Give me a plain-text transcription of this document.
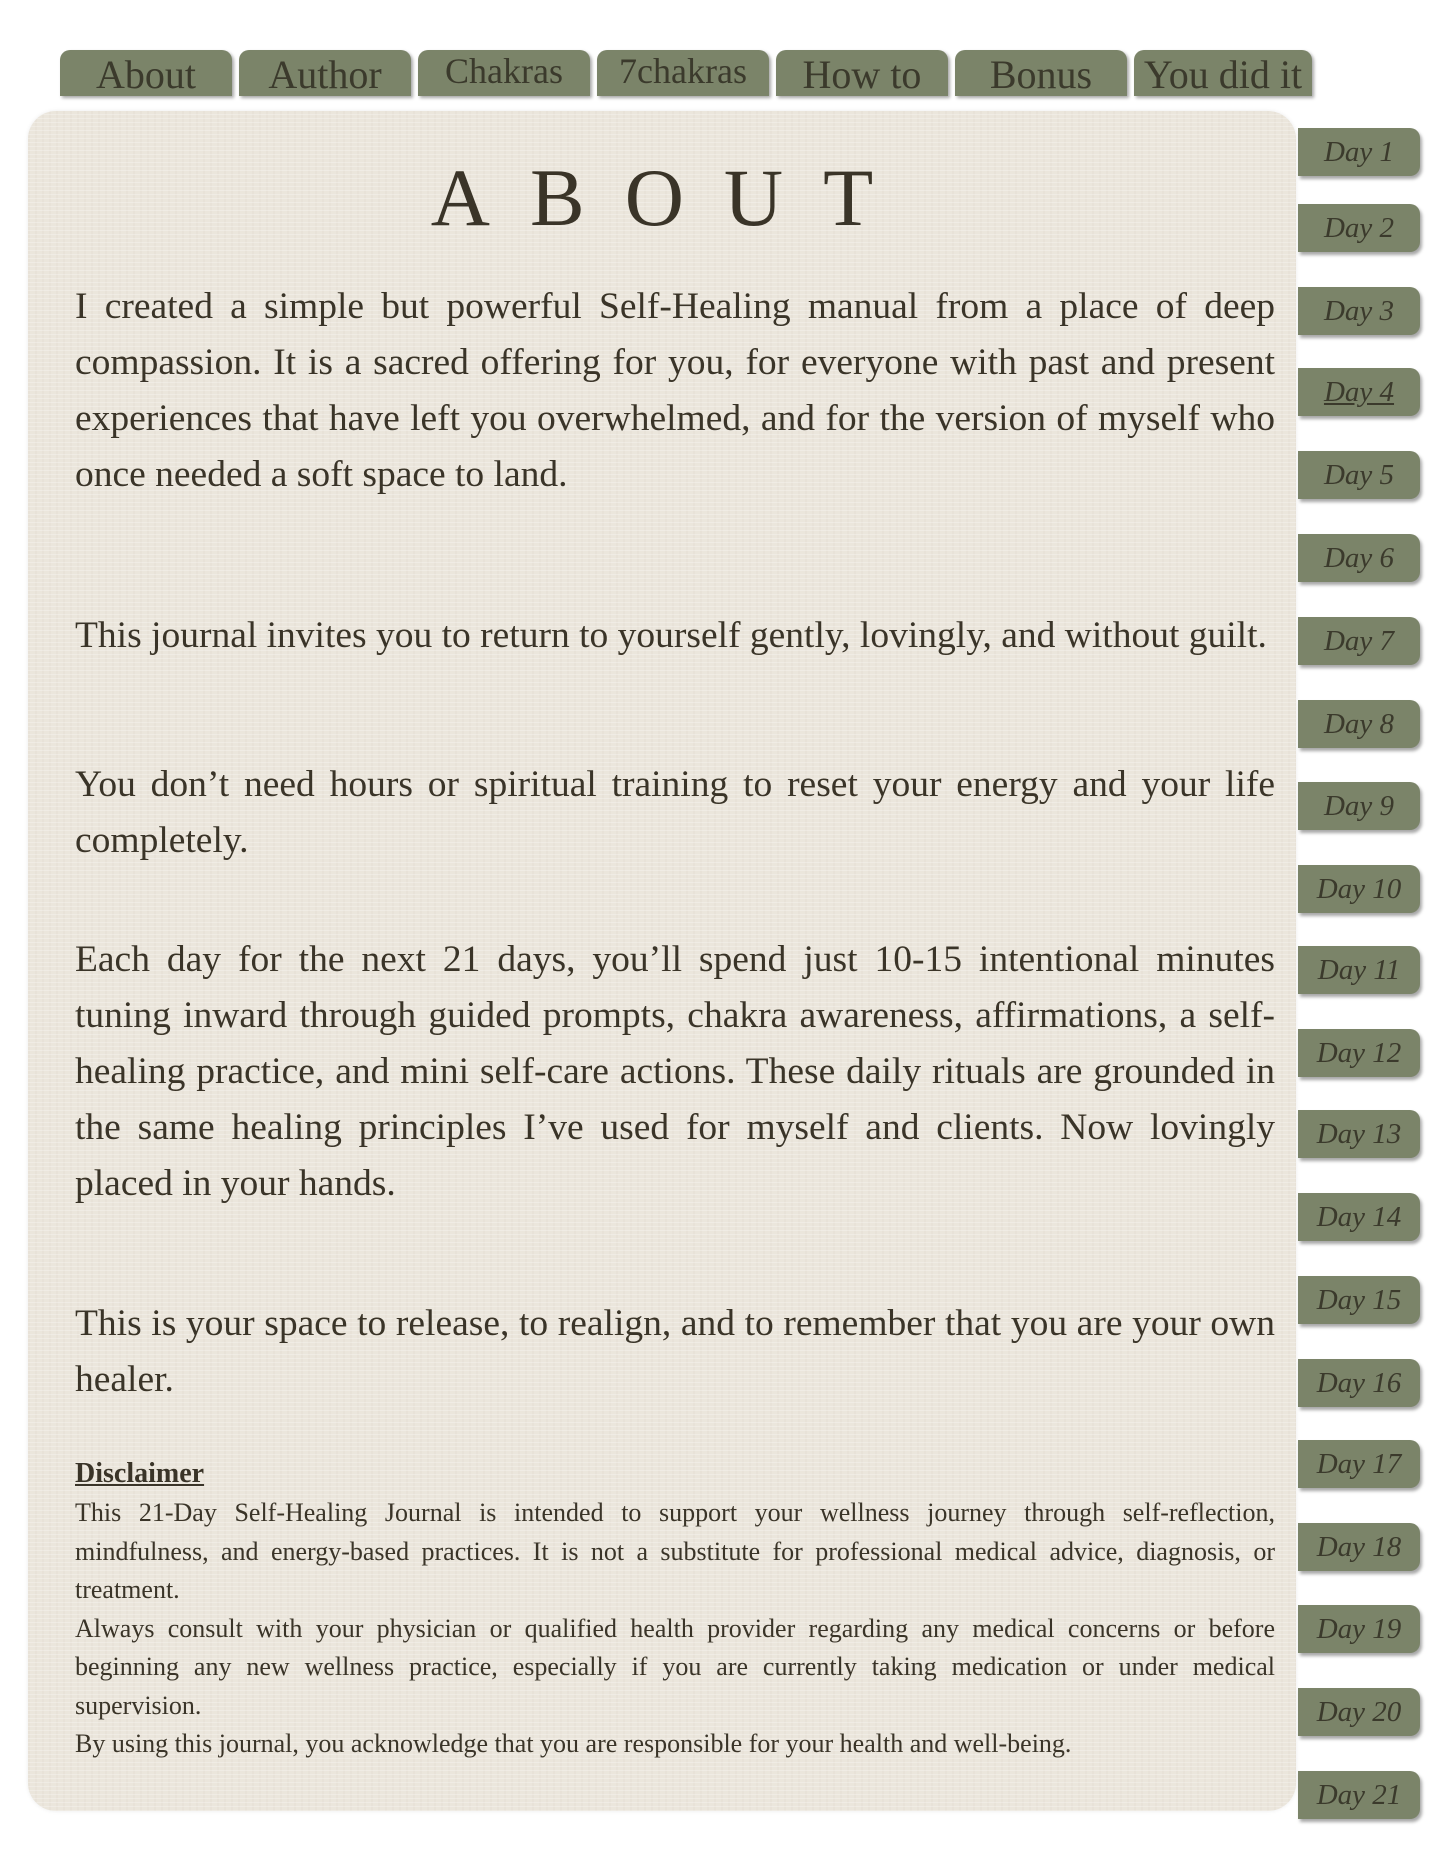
About	Author	Chakras	7chakras	How to	Bonus	You did it
ABOUT

I created a simple but powerful Self-Healing manual from a place of deep compassion. It is a sacred offering for you, for everyone with past and present experiences that have left you overwhelmed, and for the version of myself who once needed a soft space to land.

This journal invites you to return to yourself gently, lovingly, and without guilt.

You don’t need hours or spiritual training to reset your energy and your life completely.

Each day for the next 21 days, you’ll spend just 10-15 intentional minutes tuning inward through guided prompts, chakra awareness, affirmations, a self-healing practice, and mini self-care actions. These daily rituals are grounded in the same healing principles I’ve used for myself and clients. Now lovingly placed in your hands.

This is your space to release, to realign, and to remember that you are your own healer.

Disclaimer

This 21-Day Self-Healing Journal is intended to support your wellness journey through self-reflection, mindfulness, and energy-based practices. It is not a substitute for professional medical advice, diagnosis, or treatment.

Always consult with your physician or qualified health provider regarding any medical concerns or before beginning any new wellness practice, especially if you are currently taking medication or under medical supervision.

By using this journal, you acknowledge that you are responsible for your health and well-being.

Day 1
Day 2
Day 3
Day 4
Day 5
Day 6
Day 7
Day 8
Day 9
Day 10
Day 11
Day 12
Day 13
Day 14
Day 15
Day 16
Day 17
Day 18
Day 19
Day 20
Day 21
